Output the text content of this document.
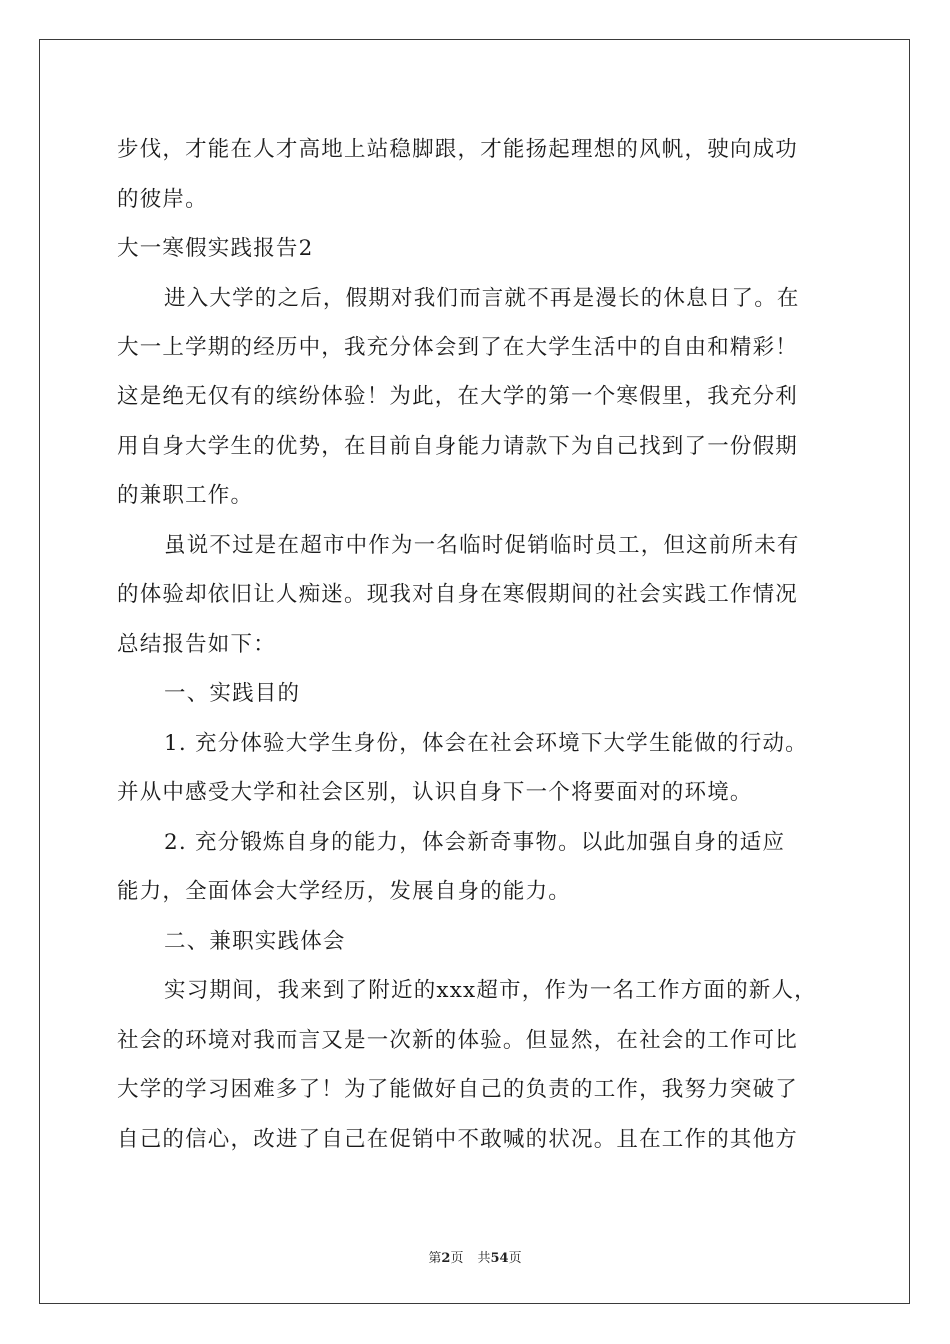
步伐，才能在人才高地上站稳脚跟，才能扬起理想的风帆，驶向成功
的彼岸。
大一寒假实践报告2
进入大学的之后，假期对我们而言就不再是漫长的休息日了。在
大一上学期的经历中，我充分体会到了在大学生活中的自由和精彩！
这是绝无仅有的缤纷体验！为此，在大学的第一个寒假里，我充分利
用自身大学生的优势，在目前自身能力请款下为自己找到了一份假期
的兼职工作。
虽说不过是在超市中作为一名临时促销临时员工，但这前所未有
的体验却依旧让人痴迷。现我对自身在寒假期间的社会实践工作情况
总结报告如下：
一、实践目的
1. 充分体验大学生身份，体会在社会环境下大学生能做的行动。
并从中感受大学和社会区别，认识自身下一个将要面对的环境。
2. 充分锻炼自身的能力，体会新奇事物。以此加强自身的适应
能力，全面体会大学经历，发展自身的能力。
二、兼职实践体会
实习期间，我来到了附近的xxx超市，作为一名工作方面的新人，
社会的环境对我而言又是一次新的体验。但显然，在社会的工作可比
大学的学习困难多了！为了能做好自己的负责的工作，我努力突破了
自己的信心，改进了自己在促销中不敢喊的状况。且在工作的其他方
第2页 共54页
